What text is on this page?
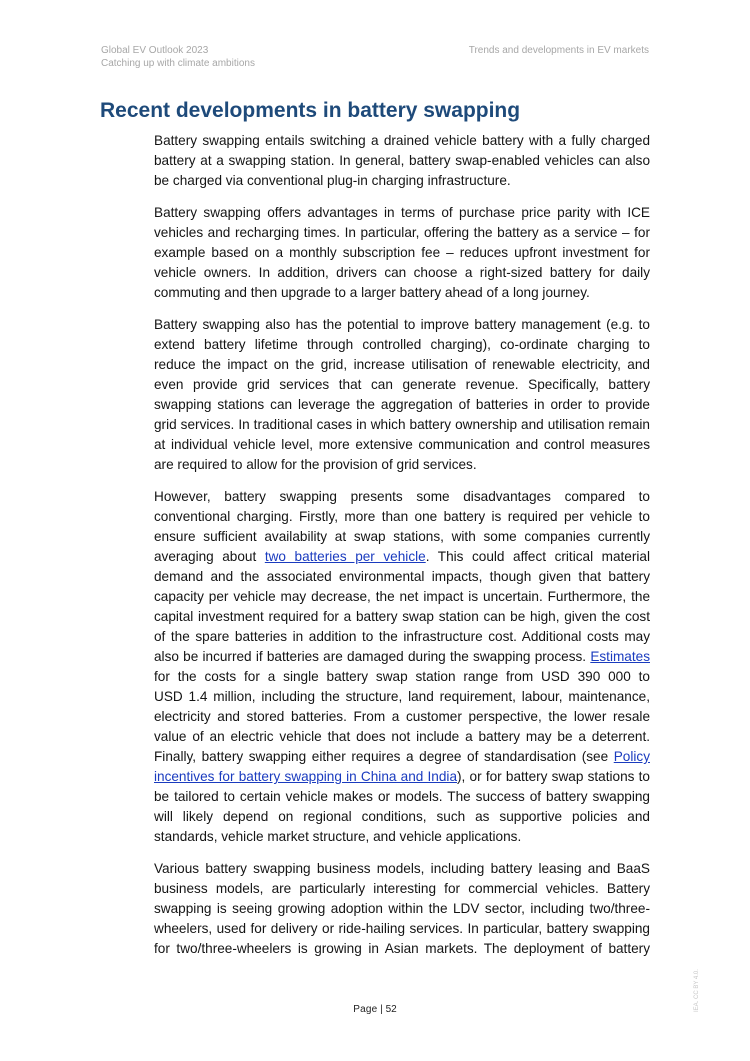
Global EV Outlook 2023
Catching up with climate ambitions
Trends and developments in EV markets
Recent developments in battery swapping

Battery swapping entails switching a drained vehicle battery with a fully charged battery at a swapping station. In general, battery swap-enabled vehicles can also be charged via conventional plug-in charging infrastructure.

Battery swapping offers advantages in terms of purchase price parity with ICE vehicles and recharging times. In particular, offering the battery as a service – for example based on a monthly subscription fee – reduces upfront investment for vehicle owners. In addition, drivers can choose a right-sized battery for daily commuting and then upgrade to a larger battery ahead of a long journey.

Battery swapping also has the potential to improve battery management (e.g. to extend battery lifetime through controlled charging), co-ordinate charging to reduce the impact on the grid, increase utilisation of renewable electricity, and even provide grid services that can generate revenue. Specifically, battery swapping stations can leverage the aggregation of batteries in order to provide grid services. In traditional cases in which battery ownership and utilisation remain at individual vehicle level, more extensive communication and control measures are required to allow for the provision of grid services.

However, battery swapping presents some disadvantages compared to conventional charging. Firstly, more than one battery is required per vehicle to ensure sufficient availability at swap stations, with some companies currently averaging about two batteries per vehicle. This could affect critical material demand and the associated environmental impacts, though given that battery capacity per vehicle may decrease, the net impact is uncertain. Furthermore, the capital investment required for a battery swap station can be high, given the cost of the spare batteries in addition to the infrastructure cost. Additional costs may also be incurred if batteries are damaged during the swapping process. Estimates for the costs for a single battery swap station range from USD 390 000 to USD 1.4 million, including the structure, land requirement, labour, maintenance, electricity and stored batteries. From a customer perspective, the lower resale value of an electric vehicle that does not include a battery may be a deterrent. Finally, battery swapping either requires a degree of standardisation (see Policy incentives for battery swapping in China and India), or for battery swap stations to be tailored to certain vehicle makes or models. The success of battery swapping will likely depend on regional conditions, such as supportive policies and standards, vehicle market structure, and vehicle applications.

Various battery swapping business models, including battery leasing and BaaS business models, are particularly interesting for commercial vehicles. Battery swapping is seeing growing adoption within the LDV sector, including two/three-wheelers, used for delivery or ride-hailing services. In particular, battery swapping for two/three-wheelers is growing in Asian markets. The deployment of battery

Page | 52	IEA. CC BY 4.0.
